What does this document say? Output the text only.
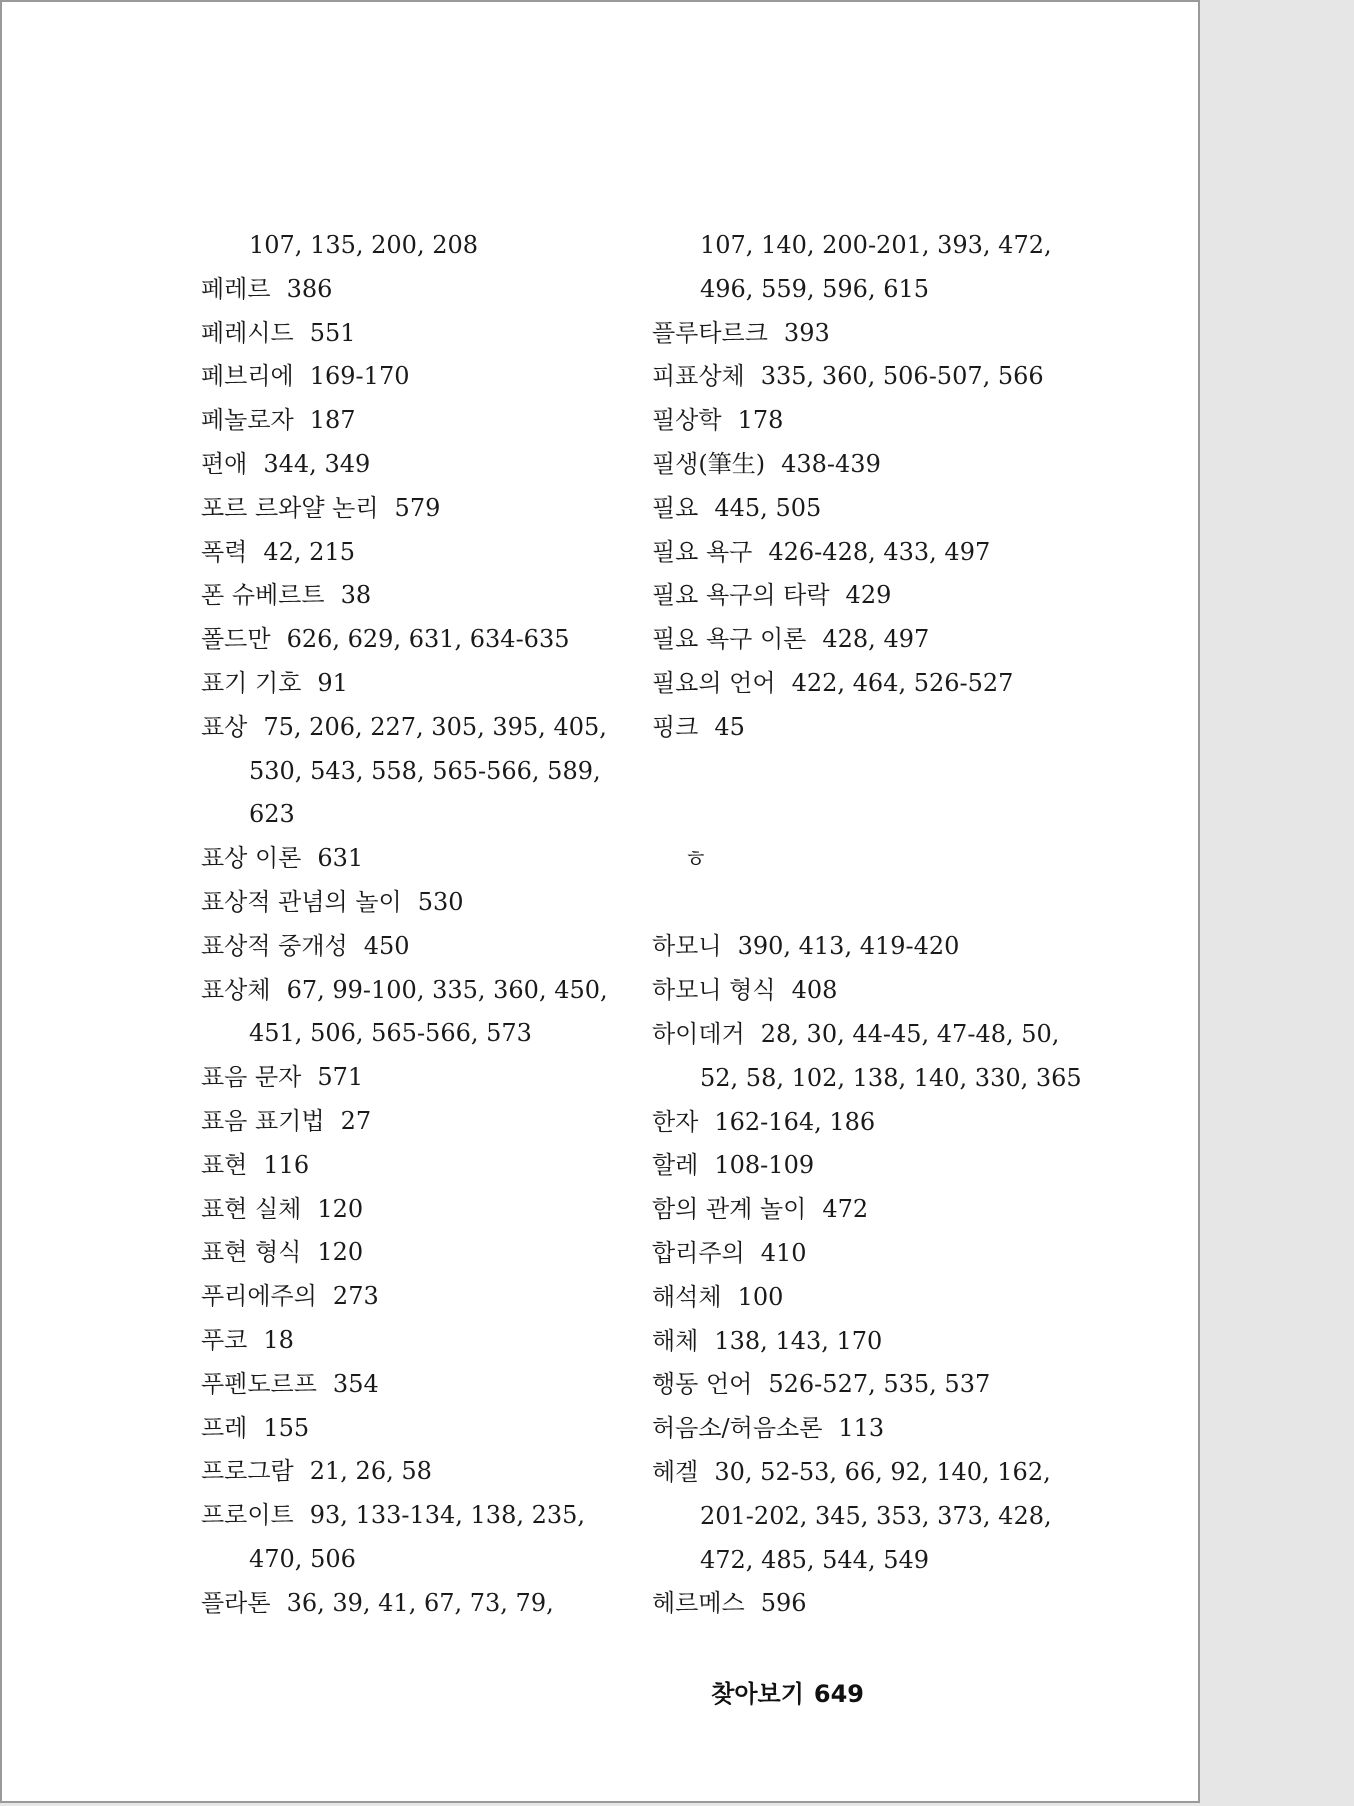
107, 135, 200, 208
페레르 386
페레시드 551
페브리에 169-170
페놀로자 187
편애 344, 349
포르 르와얄 논리 579
폭력 42, 215
폰 슈베르트 38
폴드만 626, 629, 631, 634-635
표기 기호 91
표상 75, 206, 227, 305, 395, 405,
530, 543, 558, 565-566, 589,
623
표상 이론 631
표상적 관념의 놀이 530
표상적 중개성 450
표상체 67, 99-100, 335, 360, 450,
451, 506, 565-566, 573
표음 문자 571
표음 표기법 27
표현 116
표현 실체 120
표현 형식 120
푸리에주의 273
푸코 18
푸펜도르프 354
프레 155
프로그람 21, 26, 58
프로이트 93, 133-134, 138, 235,
470, 506
플라톤 36, 39, 41, 67, 73, 79,
107, 140, 200-201, 393, 472,
496, 559, 596, 615
플루타르크 393
피표상체 335, 360, 506-507, 566
필상학 178
필생(筆生) 438-439
필요 445, 505
필요 욕구 426-428, 433, 497
필요 욕구의 타락 429
필요 욕구 이론 428, 497
필요의 언어 422, 464, 526-527
핑크 45
ㅎ
하모니 390, 413, 419-420
하모니 형식 408
하이데거 28, 30, 44-45, 47-48, 50,
52, 58, 102, 138, 140, 330, 365
한자 162-164, 186
할레 108-109
함의 관계 놀이 472
합리주의 410
해석체 100
해체 138, 143, 170
행동 언어 526-527, 535, 537
허음소/허음소론 113
헤겔 30, 52-53, 66, 92, 140, 162,
201-202, 345, 353, 373, 428,
472, 485, 544, 549
헤르메스 596
찾아보기 649
